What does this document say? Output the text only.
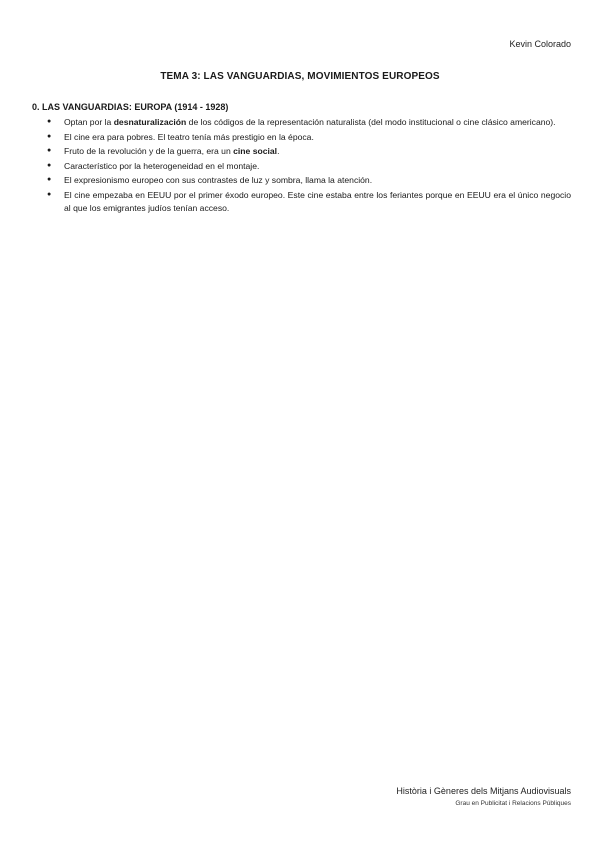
Kevin Colorado
TEMA 3: LAS VANGUARDIAS, MOVIMIENTOS EUROPEOS
0. LAS VANGUARDIAS: EUROPA (1914 - 1928)
● Optan por la desnaturalización de los códigos de la representación naturalista (del modo institucional o cine clásico americano).
● El cine era para pobres. El teatro tenía más prestigio en la época.
● Fruto de la revolución y de la guerra, era un cine social.
● Característico por la heterogeneidad en el montaje.
● El expresionismo europeo con sus contrastes de luz y sombra, llama la atención.
● El cine empezaba en EEUU por el primer éxodo europeo. Este cine estaba entre los feriantes porque en EEUU era el único negocio al que los emigrantes judíos tenían acceso.
Història i Gèneres dels Mitjans Audiovisuals
Grau en Publicitat i Relacions Públiques
